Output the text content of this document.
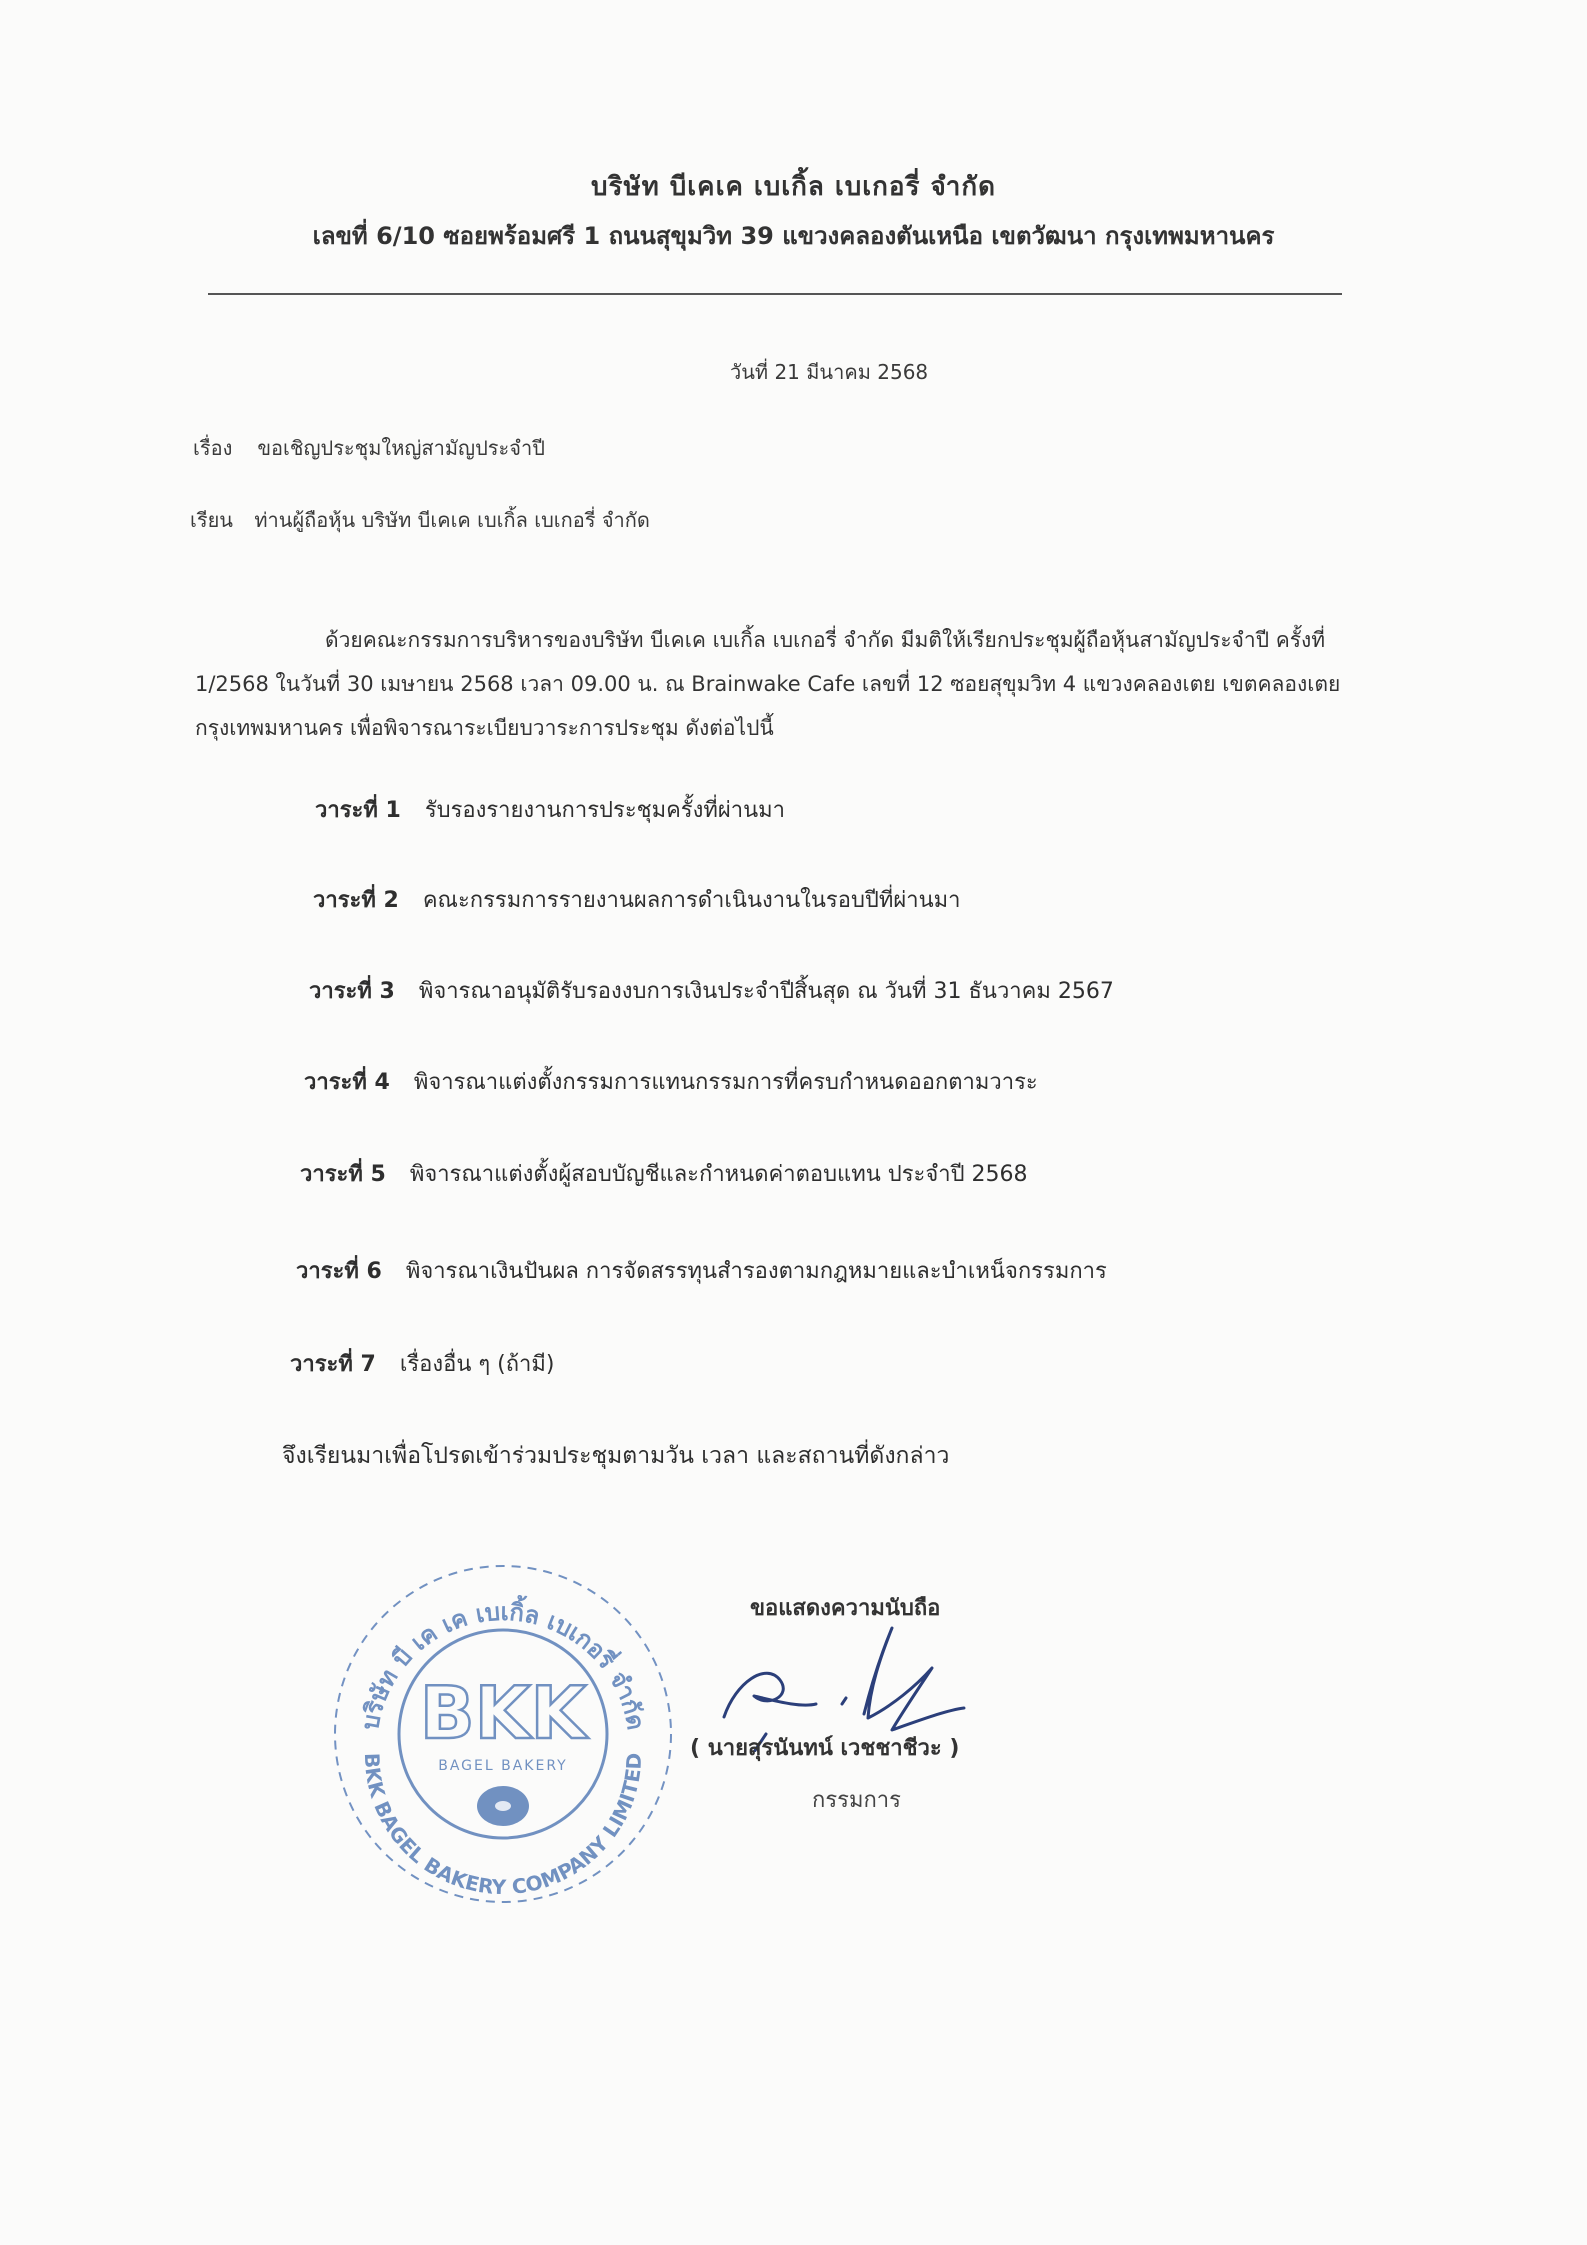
บริษัท บีเคเค เบเกิ้ล เบเกอรี่ จำกัด
เลขที่ 6/10 ซอยพร้อมศรี 1 ถนนสุขุมวิท 39 แขวงคลองตันเหนือ เขตวัฒนา กรุงเทพมหานคร
วันที่ 21 มีนาคม 2568
เรื่อง ขอเชิญประชุมใหญ่สามัญประจำปี
เรียน ท่านผู้ถือหุ้น บริษัท บีเคเค เบเกิ้ล เบเกอรี่ จำกัด
ด้วยคณะกรรมการบริหารของบริษัท บีเคเค เบเกิ้ล เบเกอรี่ จำกัด มีมติให้เรียกประชุมผู้ถือหุ้นสามัญประจำปี ครั้งที่ 1/2568 ในวันที่ 30 เมษายน 2568 เวลา 09.00 น. ณ Brainwake Cafe เลขที่ 12 ซอยสุขุมวิท 4 แขวงคลองเตย เขตคลองเตย กรุงเทพมหานคร เพื่อพิจารณาระเบียบวาระการประชุม ดังต่อไปนี้
วาระที่ 1 รับรองรายงานการประชุมครั้งที่ผ่านมา
วาระที่ 2 คณะกรรมการรายงานผลการดำเนินงานในรอบปีที่ผ่านมา
วาระที่ 3 พิจารณาอนุมัติรับรองงบการเงินประจำปีสิ้นสุด ณ วันที่ 31 ธันวาคม 2567
วาระที่ 4 พิจารณาแต่งตั้งกรรมการแทนกรรมการที่ครบกำหนดออกตามวาระ
วาระที่ 5 พิจารณาแต่งตั้งผู้สอบบัญชีและกำหนดค่าตอบแทน ประจำปี 2568
วาระที่ 6 พิจารณาเงินปันผล การจัดสรรทุนสำรองตามกฎหมายและบำเหน็จกรรมการ
วาระที่ 7 เรื่องอื่น ๆ (ถ้ามี)
จึงเรียนมาเพื่อโปรดเข้าร่วมประชุมตามวัน เวลา และสถานที่ดังกล่าว
บริษัท บี เค เค เบเกิ้ล เบเกอรี่ จำกัด
BKK BAGEL BAKERY COMPANY LIMITED
BKK
BAGEL BAKERY
ขอแสดงความนับถือ
( นายสุรนันทน์ เวชชาชีวะ )
กรรมการ
